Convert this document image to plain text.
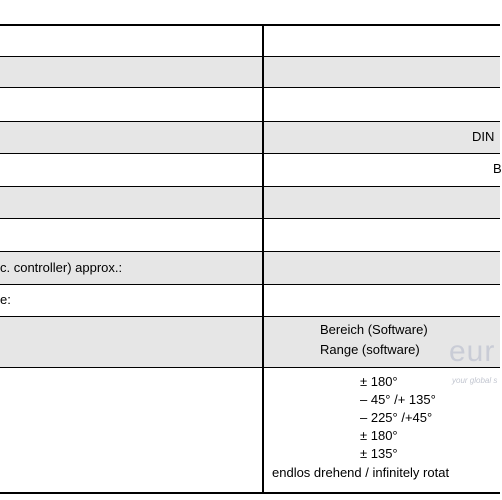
c. controller) approx.:
e:
DIN
B
Bereich (Software)
Range (software)
± 180°
– 45° /+ 135°
– 225° /+45°
± 180°
± 135°
endlos drehend / infinitely rotat
eur
your global s
